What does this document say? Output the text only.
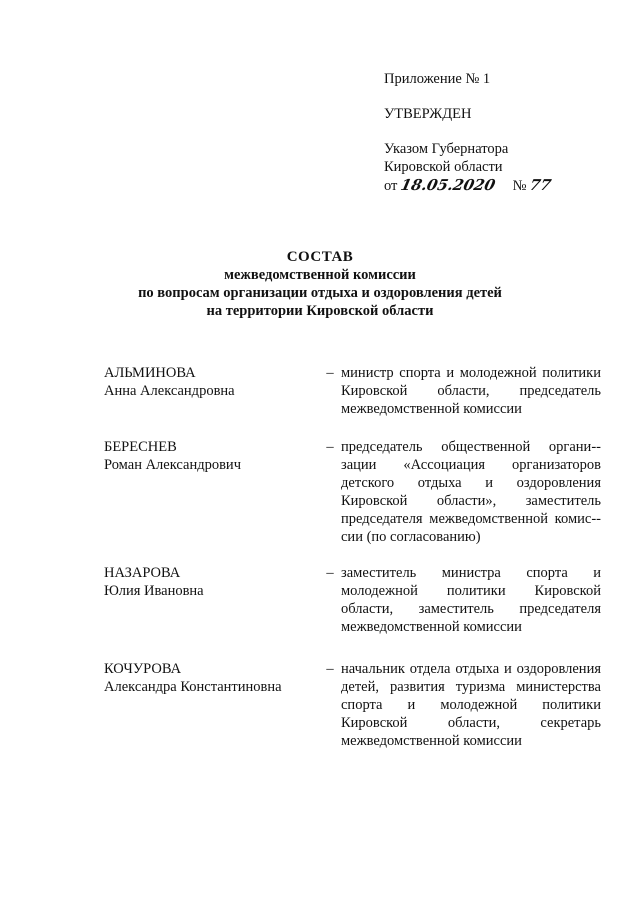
Приложение № 1
УТВЕРЖДЕН
Указом Губернатора
Кировской области
от 18.05.2020 № 77
СОСТАВ
межведомственной комиссии
по вопросам организации отдыха и оздоровления детей
на территории Кировской области
АЛЬМИНОВА
Анна Александровна
– министр спорта и молодежной политики Кировской области, председатель межведомственной комиссии
БЕРЕСНЕВ
Роман Александрович
– председатель общественной органи-зации «Ассоциация организаторов детского отдыха и оздоровления Кировской области», заместитель председателя межведомственной комис-сии (по согласованию)
НАЗАРОВА
Юлия Ивановна
– заместитель министра спорта и молодежной политики Кировской области, заместитель председателя межведомственной комиссии
КОЧУРОВА
Александра Константиновна
– начальник отдела отдыха и оздоровления детей, развития туризма министерства спорта и молодежной политики Кировской области, секретарь межведомственной комиссии
